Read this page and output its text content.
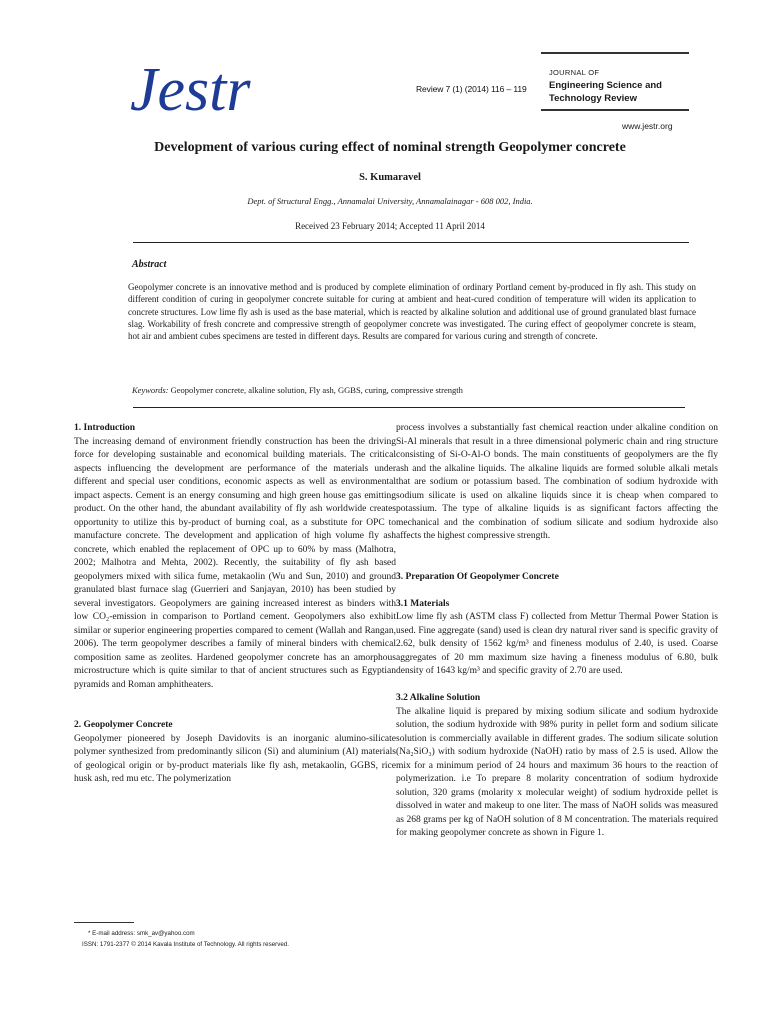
Jestr	Review 7 (1) (2014) 116 – 119
JOURNAL OF
Engineering Science and Technology Review
www.jestr.org
Development of various curing effect of nominal strength Geopolymer concrete
S. Kumaravel
Dept. of Structural Engg., Annamalai University, Annamalainagar - 608 002, India.
Received 23 February 2014; Accepted 11 April 2014
Abstract
Geopolymer concrete is an innovative method and is produced by complete elimination of ordinary Portland cement by-produced in fly ash. This study on different condition of curing in geopolymer concrete suitable for curing at ambient and heat-cured condition of temperature will widen its application to concrete structures. Low lime fly ash is used as the base material, which is reacted by alkaline solution and additional use of ground granulated blast furnace slag. Workability of fresh concrete and compressive strength of geopolymer concrete was investigated. The curing effect of geopolymer concrete is steam, hot air and ambient cubes specimens are tested in different days. Results are compared for various curing and strength of concrete.
Keywords: Geopolymer concrete, alkaline solution, Fly ash, GGBS, curing, compressive strength
1. Introduction

The increasing demand of environment friendly construction has been the driving force for developing sustainable and economical building materials. The critical aspects influencing the development are performance of the materials under different and special user conditions, economic aspects as well as environmental impact aspects. Cement is an energy consuming and high green house gas emitting product. On the other hand, the abundant availability of fly ash worldwide creates opportunity to utilize this by-product of burning coal, as a substitute for OPC to manufacture concrete. The development and application of high volume fly ash concrete, which enabled the replacement of OPC up to 60% by mass (Malhotra, 2002; Malhotra and Mehta, 2002). Recently, the suitability of fly ash based geopolymers mixed with silica fume, metakaolin (Wu and Sun, 2010) and ground granulated blast furnace slag (Guerrieri and Sanjayan, 2010) has been studied by several investigators. Geopolymers are gaining increased interest as binders with low CO₂-emission in comparison to Portland cement. Geopolymers also exhibit similar or superior engineering properties compared to cement (Wallah and Rangan, 2006). The term geopolymer describes a family of mineral binders with chemical composition same as zeolites. Hardened geopolymer concrete has an amorphous microstructure which is quite similar to that of ancient structures such as Egyptian pyramids and Roman amphitheaters.

2. Geopolymer Concrete

Geopolymer pioneered by Joseph Davidovits is an inorganic alumino-silicate polymer synthesized from predominantly silicon (Si) and aluminium (Al) materials of geological origin or by-product materials like fly ash, metakaolin, GGBS, rice husk ash, red mu etc. The polymerization

process involves a substantially fast chemical reaction under alkaline condition on Si-Al minerals that result in a three dimensional polymeric chain and ring structure consisting of Si-O-Al-O bonds. The main constituents of geopolymers are the fly ash and the alkaline liquids. The alkaline liquids are formed soluble alkali metals that are sodium or potassium based. The combination of sodium hydroxide with sodium silicate is used on alkaline liquids since it is cheap when compared to potassium. The type of alkaline liquids is as significant factors affecting the mechanical and the combination of sodium silicate and sodium hydroxide also affects the highest compressive strength.

3. Preparation Of Geopolymer Concrete
3.1 Materials

Low lime fly ash (ASTM class F) collected from Mettur Thermal Power Station is used. Fine aggregate (sand) used is clean dry natural river sand is specific gravity of 2.62, bulk density of 1562 kg/m³ and fineness modulus of 2.40, is used. Coarse aggregates of 20 mm maximum size having a fineness modulus of 6.80, bulk density of 1643 kg/m³ and specific gravity of 2.70 are used.

3.2 Alkaline Solution

The alkaline liquid is prepared by mixing sodium silicate and sodium hydroxide solution, the sodium hydroxide with 98% purity in pellet form and sodium silicate solution is commercially available in different grades. The sodium silicate solution (Na₂SiO₃) with sodium hydroxide (NaOH) ratio by mass of 2.5 is used. Allow the mix for a minimum period of 24 hours and maximum 36 hours to the reaction of polymerization. i.e To prepare 8 molarity concentration of sodium hydroxide solution, 320 grams (molarity x molecular weight) of sodium hydroxide pellet is dissolved in water and makeup to one liter. The mass of NaOH solids was measured as 268 grams per kg of NaOH solution of 8 M concentration. The materials required for making geopolymer concrete as shown in Figure 1.

* E-mail address: smk_av@yahoo.com
ISSN: 1791-2377 © 2014 Kavala Institute of Technology. All rights reserved.
